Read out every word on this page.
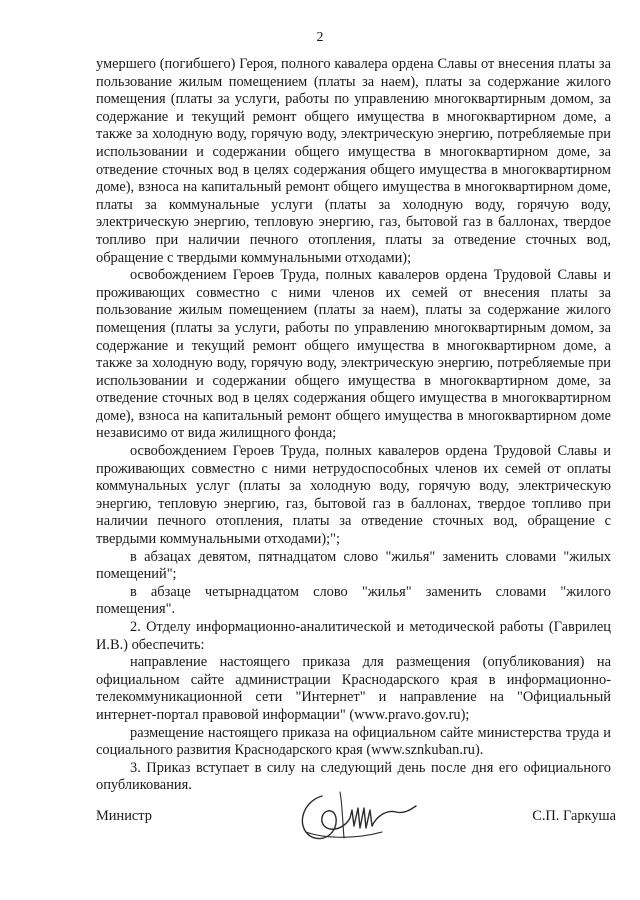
2

умершего (погибшего) Героя, полного кавалера ордена Славы от внесения платы за пользование жилым помещением (платы за наем), платы за содержание жилого помещения (платы за услуги, работы по управлению многоквартирным домом, за содержание и текущий ремонт общего имущества в многоквартирном доме, а также за холодную воду, горячую воду, электрическую энергию, потребляемые при использовании и содержании общего имущества в многоквартирном доме, за отведение сточных вод в целях содержания общего имущества в многоквартирном доме), взноса на капитальный ремонт общего имущества в многоквартирном доме, платы за коммунальные услуги (платы за холодную воду, горячую воду, электрическую энергию, тепловую энергию, газ, бытовой газ в баллонах, твердое топливо при наличии печного отопления, платы за отведение сточных вод, обращение с твердыми коммунальными отходами);

освобождением Героев Труда, полных кавалеров ордена Трудовой Славы и проживающих совместно с ними членов их семей от внесения платы за пользование жилым помещением (платы за наем), платы за содержание жилого помещения (платы за услуги, работы по управлению многоквартирным домом, за содержание и текущий ремонт общего имущества в многоквартирном доме, а также за холодную воду, горячую воду, электрическую энергию, потребляемые при использовании и содержании общего имущества в многоквартирном доме, за отведение сточных вод в целях содержания общего имущества в многоквартирном доме), взноса на капитальный ремонт общего имущества в многоквартирном доме независимо от вида жилищного фонда;

освобождением Героев Труда, полных кавалеров ордена Трудовой Славы и проживающих совместно с ними нетрудоспособных членов их семей от оплаты коммунальных услуг (платы за холодную воду, горячую воду, электрическую энергию, тепловую энергию, газ, бытовой газ в баллонах, твердое топливо при наличии печного отопления, платы за отведение сточных вод, обращение с твердыми коммунальными отходами);";

в абзацах девятом, пятнадцатом слово "жилья" заменить словами "жилых помещений";

в абзаце четырнадцатом слово "жилья" заменить словами "жилого помещения".

2. Отделу информационно-аналитической и методической работы (Гаврилец И.В.) обеспечить:

направление настоящего приказа для размещения (опубликования) на официальном сайте администрации Краснодарского края в информационно-телекоммуникационной сети "Интернет" и направление на "Официальный интернет-портал правовой информации" (www.pravo.gov.ru);

размещение настоящего приказа на официальном сайте министерства труда и социального развития Краснодарского края (www.sznkuban.ru).

3. Приказ вступает в силу на следующий день после дня его официального опубликования.

Министр	С.П. Гаркуша
